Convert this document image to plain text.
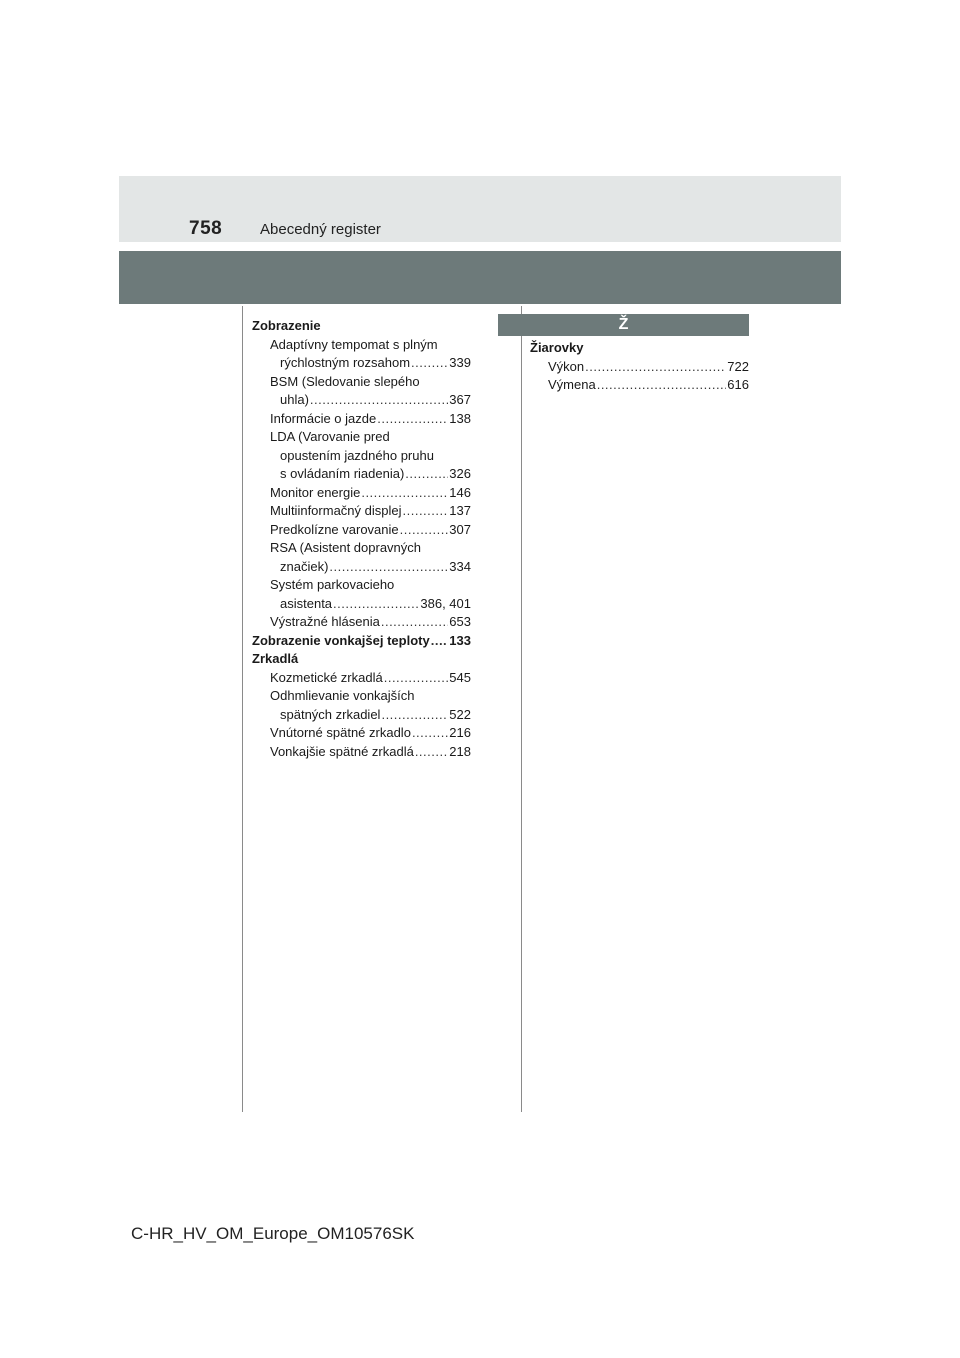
758	Abecedný register
Zobrazenie
Adaptívny tempomat s plným
rýchlostným rozsahom .....	339
BSM (Sledovanie slepého
uhla) .....	367
Informácie o jazde .....	138
LDA (Varovanie pred
opustením jazdného pruhu
s ovládaním riadenia) .....	326
Monitor energie .....	146
Multiinformačný displej .....	137
Predkolízne varovanie .....	307
RSA (Asistent dopravných
značiek) .....	334
Systém parkovacieho
asistenta .....	386, 401
Výstražné hlásenia .....	653
Zobrazenie vonkajšej teploty ..... 133
Zrkadlá
Kozmetické zrkadlá .....	545
Odhmlievanie vonkajších
spätných zrkadiel .....	522
Vnútorné spätné zrkadlo .....	216
Vonkajšie spätné zrkadlá .....	218
Ž
Žiarovky
Výkon .....	722
Výmena .....	616
C-HR_HV_OM_Europe_OM10576SK
